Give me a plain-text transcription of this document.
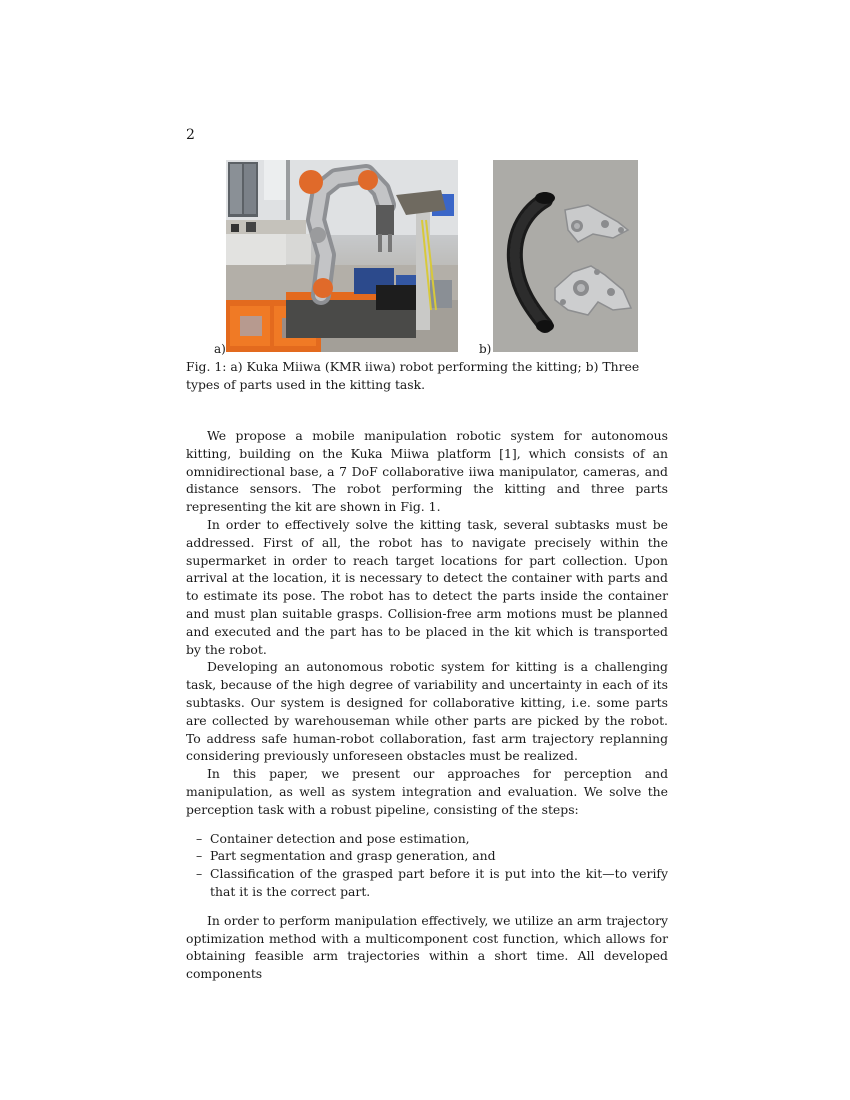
2
a)	b)
Fig. 1: a) Kuka Miiwa (KMR iiwa) robot performing the kitting; b) Three types of parts used in the kitting task.

We propose a mobile manipulation robotic system for autonomous kitting, building on the Kuka Miiwa platform [1], which consists of an omnidirectional base, a 7 DoF collaborative iiwa manipulator, cameras, and distance sensors. The robot performing the kitting and three parts representing the kit are shown in Fig. 1.

In order to effectively solve the kitting task, several subtasks must be addressed. First of all, the robot has to navigate precisely within the supermarket in order to reach target locations for part collection. Upon arrival at the location, it is necessary to detect the container with parts and to estimate its pose. The robot has to detect the parts inside the container and must plan suitable grasps. Collision-free arm motions must be planned and executed and the part has to be placed in the kit which is transported by the robot.

Developing an autonomous robotic system for kitting is a challenging task, because of the high degree of variability and uncertainty in each of its subtasks. Our system is designed for collaborative kitting, i.e. some parts are collected by warehouseman while other parts are picked by the robot. To address safe human-robot collaboration, fast arm trajectory replanning considering previously unforeseen obstacles must be realized.

In this paper, we present our approaches for perception and manipulation, as well as system integration and evaluation. We solve the perception task with a robust pipeline, consisting of the steps:

– Container detection and pose estimation,
– Part segmentation and grasp generation, and
– Classification of the grasped part before it is put into the kit—to verify that it is the correct part.

In order to perform manipulation effectively, we utilize an arm trajectory optimization method with a multicomponent cost function, which allows for obtaining feasible arm trajectories within a short time. All developed components
